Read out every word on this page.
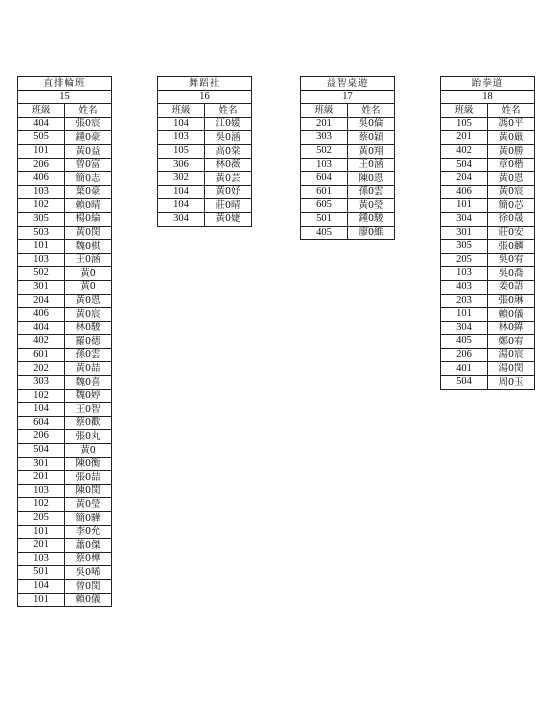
直排輪班	
15	
班級	姓名
404	張0宸
505	鍾0豪
101	黃0益
206	曾0富
406	簡0志
103	葉0豪
102	賴0晴
305	楊0綸
503	黃0閔
101	魏0棋
103	王0涵
502	黃0
301	黃0
204	黃0恩
406	黃0宸
404	林0駿
402	羅0德
601	孫0雲
202	黃0喆
303	魏0喜
102	魏0婷
104	王0智
604	蔡0歡
206	張0丸
504	黃0
301	陳0衡
201	張0喆
103	陳0閔
102	黃0瑩
205	簡0驊
101	李0允
201	蕭0傑
103	蔡0樺
501	吳0唏
104	曾0閔
101	賴0儀
舞蹈社	
16	
班級	姓名
104	江0媛
103	吳0涵
105	高0棠
306	林0薇
302	黃0芸
104	黃0妤
104	莊0晴
304	黃0婕
益智桌遊	
17	
班級	姓名
201	吳0倫
303	蔡0穎
502	黃0翔
103	王0涵
604	陳0恩
601	孫0雲
605	黃0瑩
501	鍾0駿
405	廖0維
跆拳道	
18	
班級	姓名
105	馮0平
201	黃0厳
402	黃0勝
504	章0楷
204	黃0恩
406	黃0宸
101	簡0芯
304	徐0晟
301	莊0安
305	張0麟
205	吳0宥
103	吳0喬
403	姜0語
203	張0琳
101	賴0儀
304	林0緯
405	鄭0宥
206	湯0宸
401	湯0閔
504	周0玉
